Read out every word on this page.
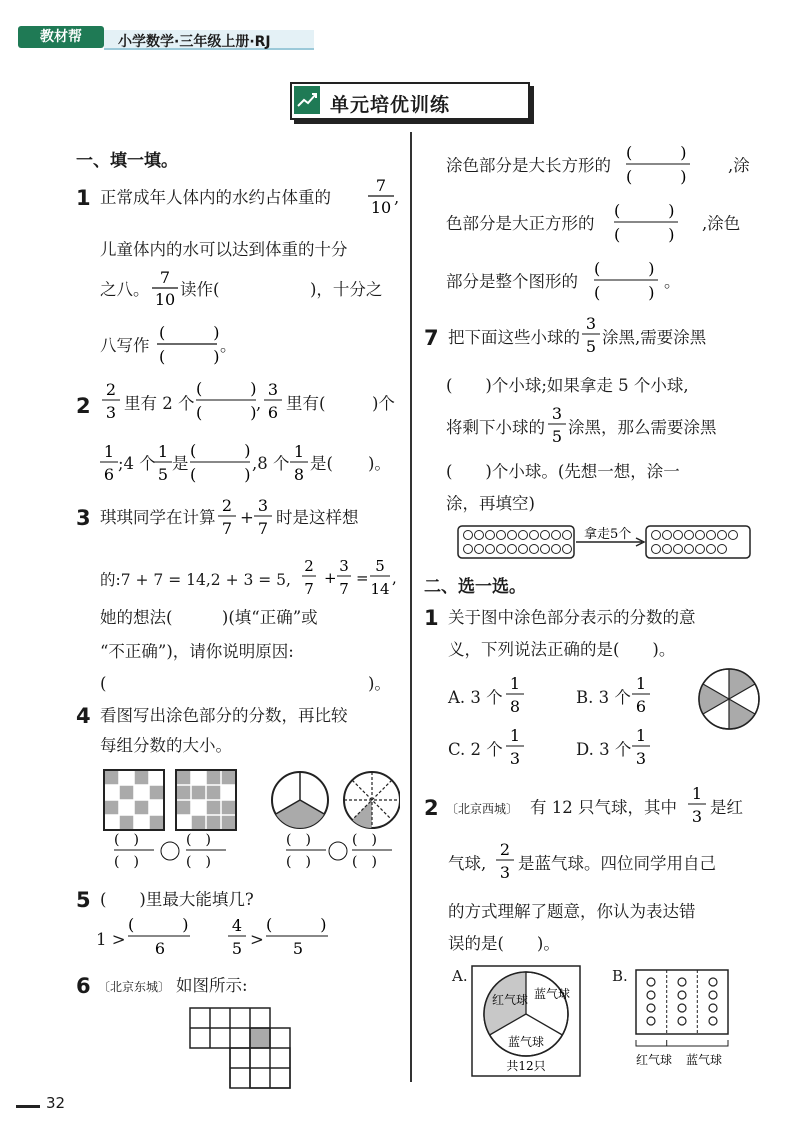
教材帮	小学数学·三年级上册·RJ
单元培优训练
一、填一填。
1 正常成年人体内的水约占体重的
7
10
,
儿童体内的水可以达到体重的十分
之八。
7
10
读作(	)，十分之
八写作
(　　　)
(　　　)
。
2
2
3 里有 2 个
(　　　)
(　　　) ,
3
6 里有(	)个
1
6
;4 个
1
5
是
(　　　)
(　　　)
,8 个
1
8
是( )。
3 琪琪同学在计算
2
7
+
3
7
时是这样想
的:7 + 7 = 14,2 + 3 = 5,
2
7
+
3
7
=
5
14
,
她的想法(　　　)(填“正确”或
“不正确”)，请你说明原因:
(	)。
4 看图写出涂色部分的分数，再比较
每组分数的大小。
(　)
(　)
(　)
(　)
(　)
(　)
(　)
(　)
5 (　　)里最大能填几?
1 >
(　　　)
6
4
5 >
(　　　)
5
6 〔北京东城〕 如图所示:
涂色部分是大长方形的
(　　　)
(　　　)
,涂
色部分是大正方形的
(　　　)
(　　　)
,涂色
部分是整个图形的
(　　　)
(　　　)
。
7 把下面这些小球的
3
5 涂黑,需要涂黑
(　　)个小球;如果拿走 5 个小球,
将剩下小球的
3
5 涂黑，那么需要涂黑
(　　)个小球。(先想一想，涂一
涂，再填空)
拿走5个
二、选一选。
1 关于图中涂色部分表示的分数的意
义，下列说法正确的是(　　)。
A. 3 个
1
8	B. 3 个
1
6
C. 2 个
1
3	D. 3 个
1
3
2 〔北京西城〕 有 12 只气球，其中
1
3 是红
气球,
2
3 是蓝气球。四位同学用自己
的方式理解了题意，你认为表达错
误的是(　　)。
A.
红气球 蓝气球
蓝气球
共12只
B.
红气球 蓝气球
32
